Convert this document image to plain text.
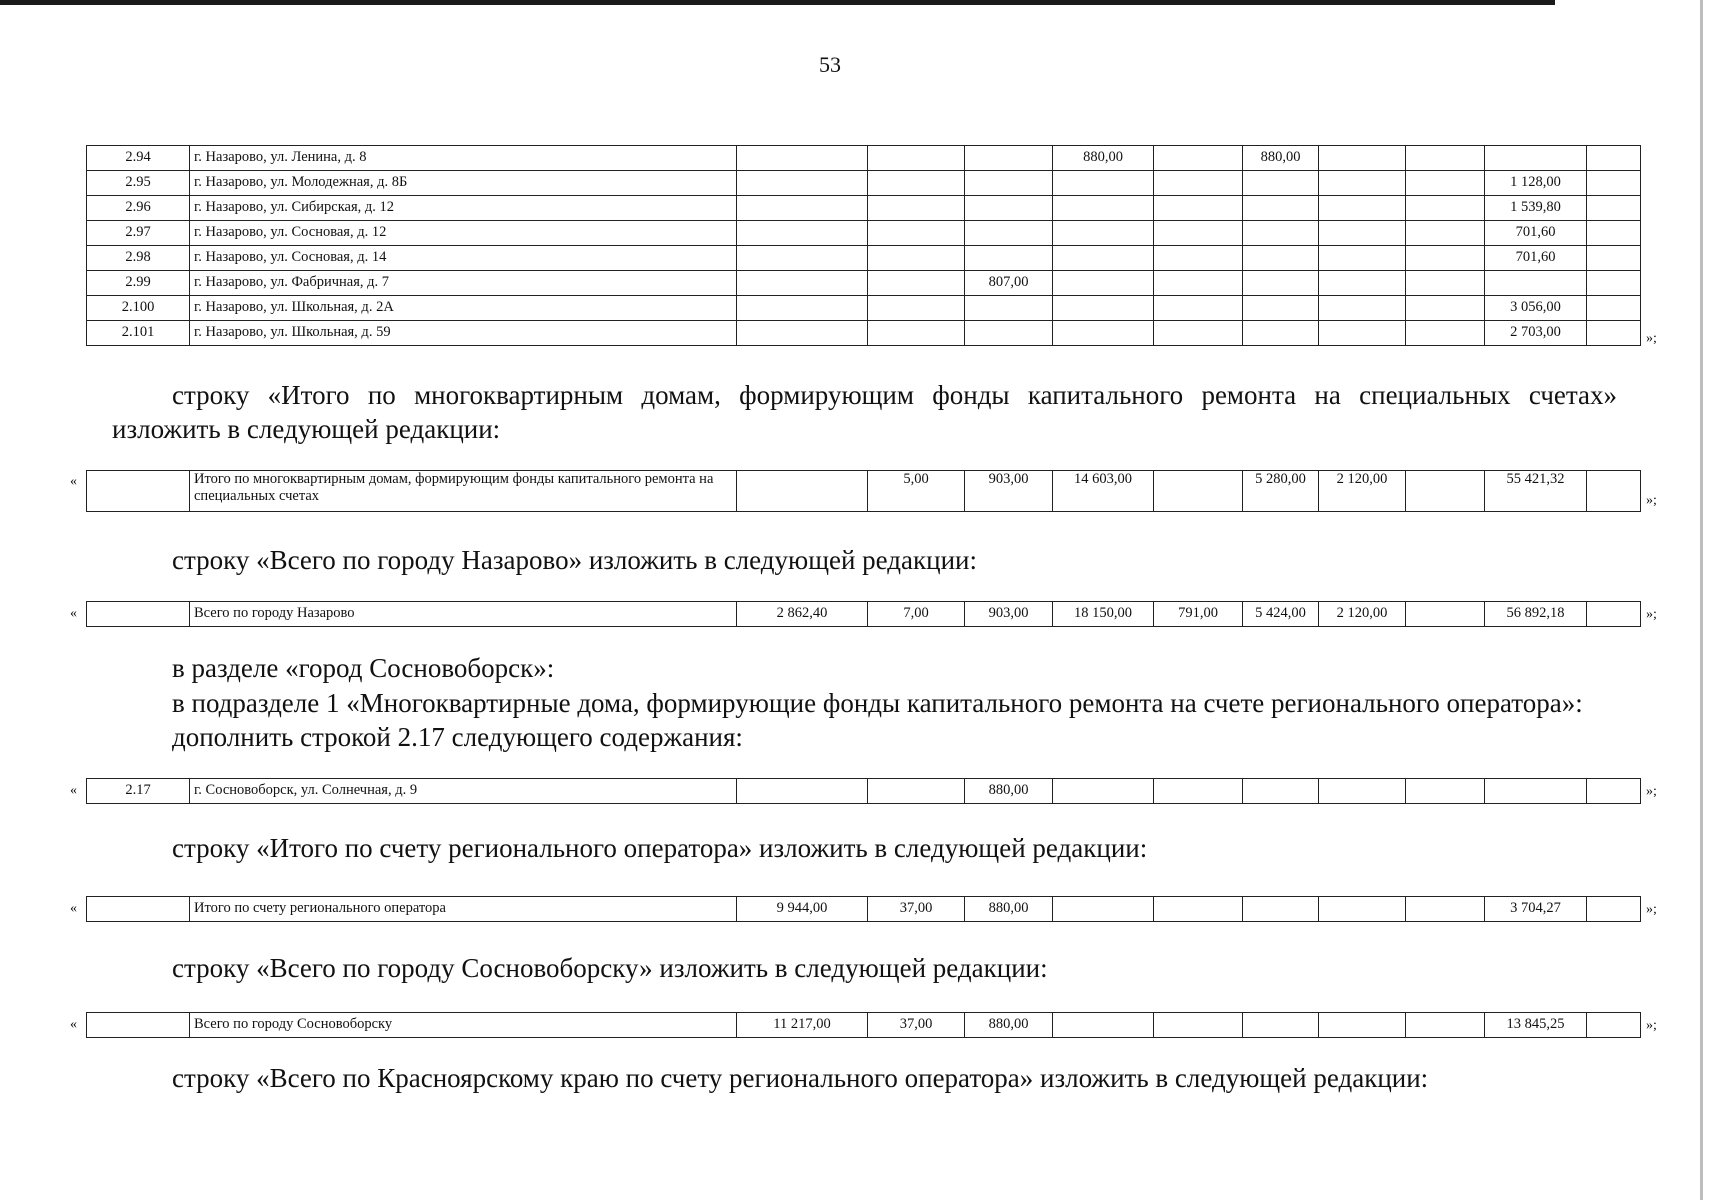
53
2.94	г. Назарово, ул. Ленина, д. 8				880,00		880,00				
2.95	г. Назарово, ул. Молодежная, д. 8Б									1 128,00	
2.96	г. Назарово, ул. Сибирская, д. 12									1 539,80	
2.97	г. Назарово, ул. Сосновая, д. 12									701,60	
2.98	г. Назарово, ул. Сосновая, д. 14									701,60	
2.99	г. Назарово, ул. Фабричная, д. 7			807,00							
2.100	г. Назарово, ул. Школьная, д. 2А									3 056,00	
2.101	г. Назарово, ул. Школьная, д. 59									2 703,00		»;
строку «Итого по многоквартирным домам, формирующим фонды капитального ремонта на специальных счетах»
изложить в следующей редакции:
«
		Итого по многоквартирным домам, формирующим фонды капитального ремонта на специальных счетах		5,00	903,00	14 603,00		5 280,00	2 120,00		55 421,32	
»;
строку «Всего по городу Назарово» изложить в следующей редакции:
«
		Всего по городу Назарово	2 862,40	7,00	903,00	18 150,00	791,00	5 424,00	2 120,00		56 892,18		»;
в разделе «город Сосновоборск»:
в подразделе 1 «Многоквартирные дома, формирующие фонды капитального ремонта на счете регионального оператора»:
дополнить строкой 2.17 следующего содержания:
«	2.17	г. Сосновоборск, ул. Солнечная, д. 9			880,00								»;
строку «Итого по счету регионального оператора» изложить в следующей редакции:
«
		Итого по счету регионального оператора	9 944,00	37,00	880,00						3 704,27		»;
строку «Всего по городу Сосновоборску» изложить в следующей редакции:
«
		Всего по городу Сосновоборску	11 217,00	37,00	880,00						13 845,25		»;
строку «Всего по Красноярскому краю по счету регионального оператора» изложить в следующей редакции:
